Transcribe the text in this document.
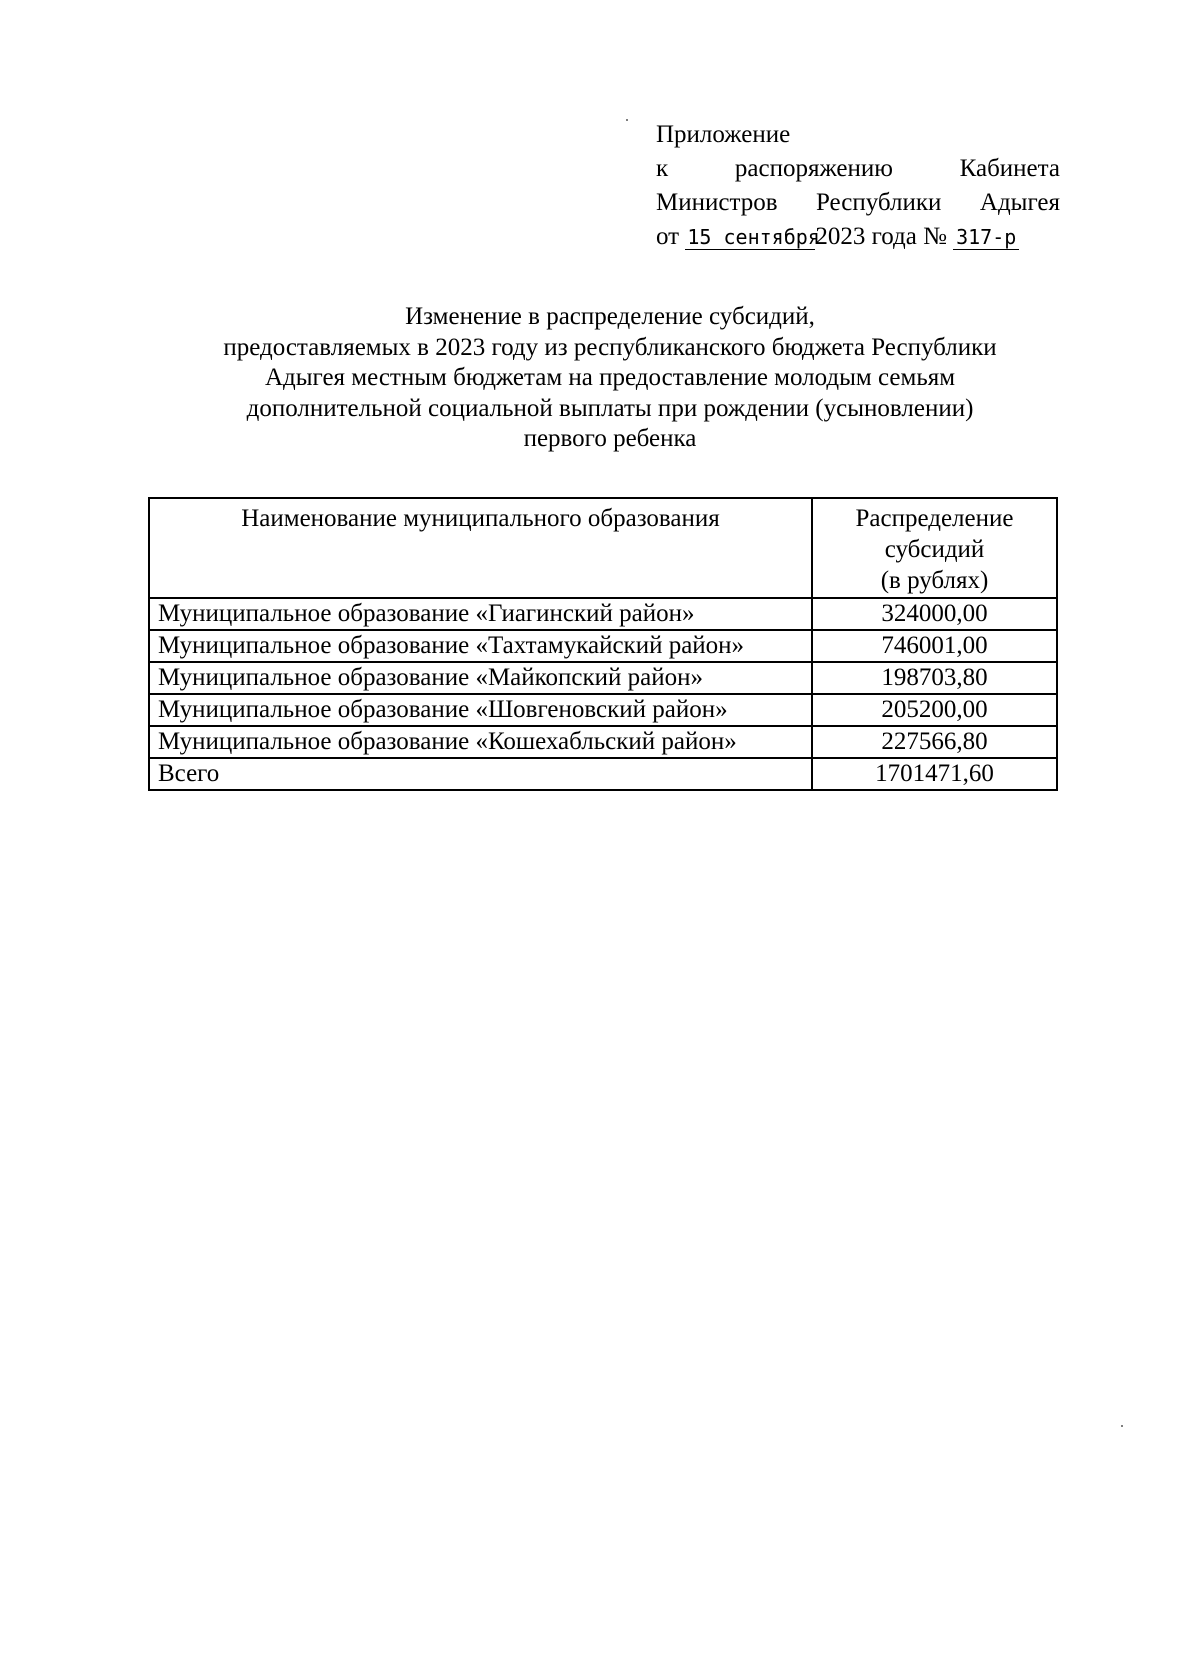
Приложение
к	распоряжению	Кабинета
Министров Республики Адыгея
от 15 сентября2023 года № 317-р
Изменение в распределение субсидий,
предоставляемых в 2023 году из республиканского бюджета Республики
Адыгея местным бюджетам на предоставление молодым семьям
дополнительной социальной выплаты при рождении (усыновлении)
первого ребенка
Наименование муниципального образования	Распределение
субсидий
(в рублях)

Муниципальное образование «Гиагинский район»	324000,00
Муниципальное образование «Тахтамукайский район»	746001,00
Муниципальное образование «Майкопский район»	198703,80
Муниципальное образование «Шовгеновский район»	205200,00
Муниципальное образование «Кошехабльский район»	227566,80
Всего	1701471,60
